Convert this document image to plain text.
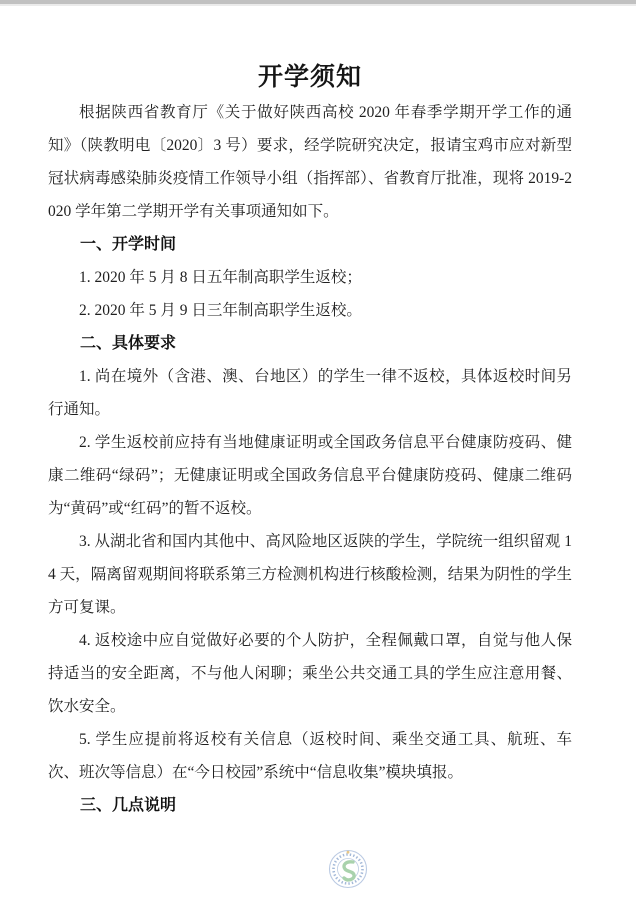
开学须知
根据陕西省教育厅《关于做好陕西高校 2020 年春季学期开学工作的通知》（陕教明电〔2020〕3 号）要求，经学院研究决定，报请宝鸡市应对新型冠状病毒感染肺炎疫情工作领导小组（指挥部）、省教育厅批准，现将 2019-2020 学年第二学期开学有关事项通知如下。
一、开学时间
1. 2020 年 5 月 8 日五年制高职学生返校；
2. 2020 年 5 月 9 日三年制高职学生返校。
二、具体要求
1. 尚在境外（含港、澳、台地区）的学生一律不返校，具体返校时间另行通知。
2. 学生返校前应持有当地健康证明或全国政务信息平台健康防疫码、健康二维码“绿码”；无健康证明或全国政务信息平台健康防疫码、健康二维码为“黄码”或“红码”的暂不返校。
3. 从湖北省和国内其他中、高风险地区返陕的学生，学院统一组织留观 14 天，隔离留观期间将联系第三方检测机构进行核酸检测，结果为阴性的学生方可复课。
4. 返校途中应自觉做好必要的个人防护，全程佩戴口罩，自觉与他人保持适当的安全距离，不与他人闲聊；乘坐公共交通工具的学生应注意用餐、饮水安全。
5. 学生应提前将返校有关信息（返校时间、乘坐交通工具、航班、车次、班次等信息）在“今日校园”系统中“信息收集”模块填报。
三、几点说明
